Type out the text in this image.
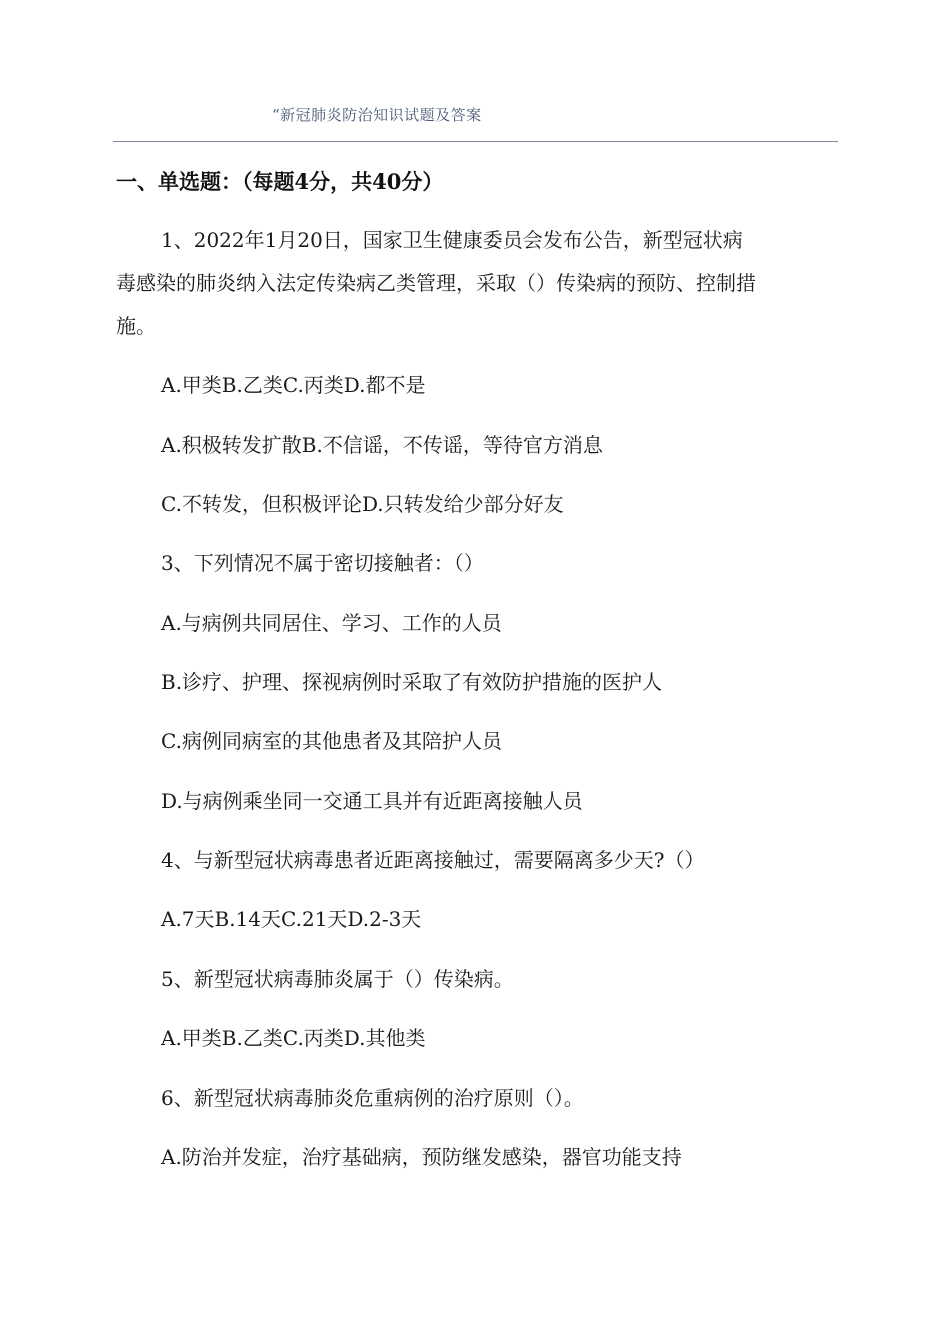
“新冠肺炎防治知识试题及答案
一、单选题：（每题4分，共40分）
1、2022年1月20日，国家卫生健康委员会发布公告，新型冠状病
毒感染的肺炎纳入法定传染病乙类管理，采取（）传染病的预防、控制措
施。
A.甲类B.乙类C.丙类D.都不是
A.积极转发扩散B.不信谣，不传谣，等待官方消息
C.不转发，但积极评论D.只转发给少部分好友
3、下列情况不属于密切接触者：（）
A.与病例共同居住、学习、工作的人员
B.诊疗、护理、探视病例时采取了有效防护措施的医护人
C.病例同病室的其他患者及其陪护人员
D.与病例乘坐同一交通工具并有近距离接触人员
4、与新型冠状病毒患者近距离接触过，需要隔离多少天?（）
A.7天B.14天C.21天D.2-3天
5、新型冠状病毒肺炎属于（）传染病。
A.甲类B.乙类C.丙类D.其他类
6、新型冠状病毒肺炎危重病例的治疗原则（）。
A.防治并发症，治疗基础病，预防继发感染，器官功能支持
